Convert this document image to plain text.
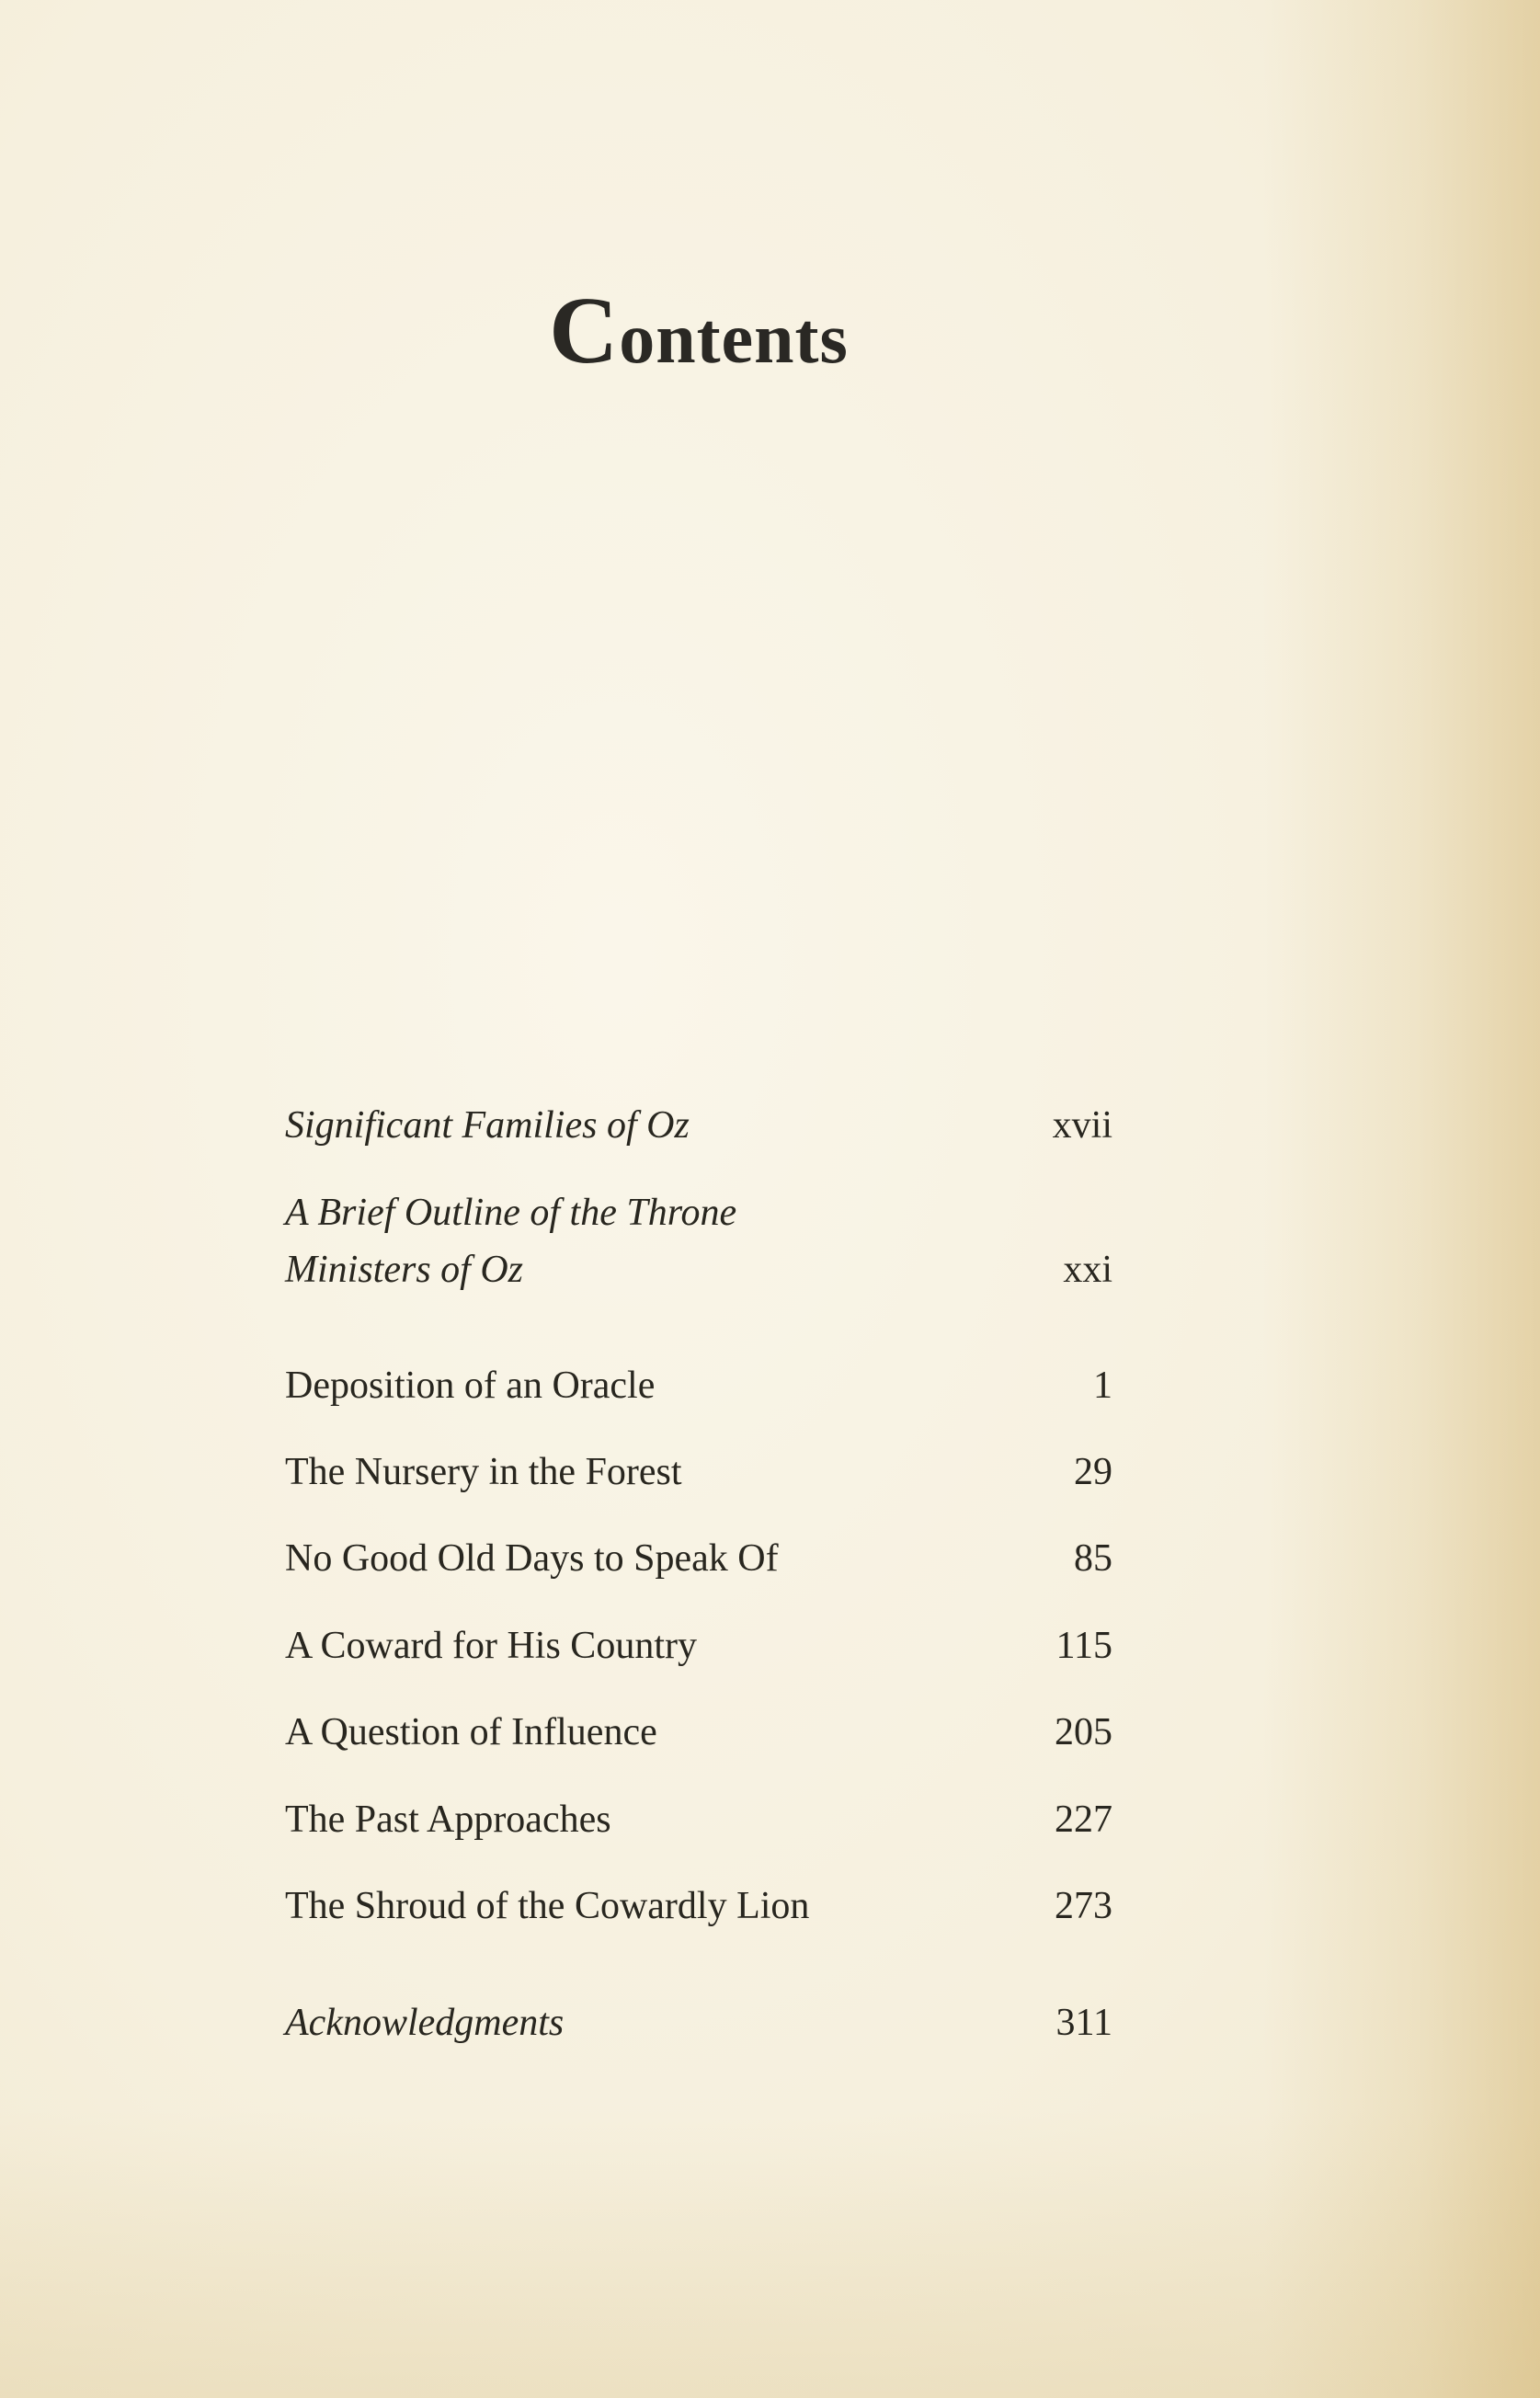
Contents
Significant Families of Oz	xvii
A Brief Outline of the Throne
Ministers of Oz	xxi
Deposition of an Oracle	1
The Nursery in the Forest	29
No Good Old Days to Speak Of	85
A Coward for His Country	115
A Question of Influence	205
The Past Approaches	227
The Shroud of the Cowardly Lion	273
Acknowledgments	311
